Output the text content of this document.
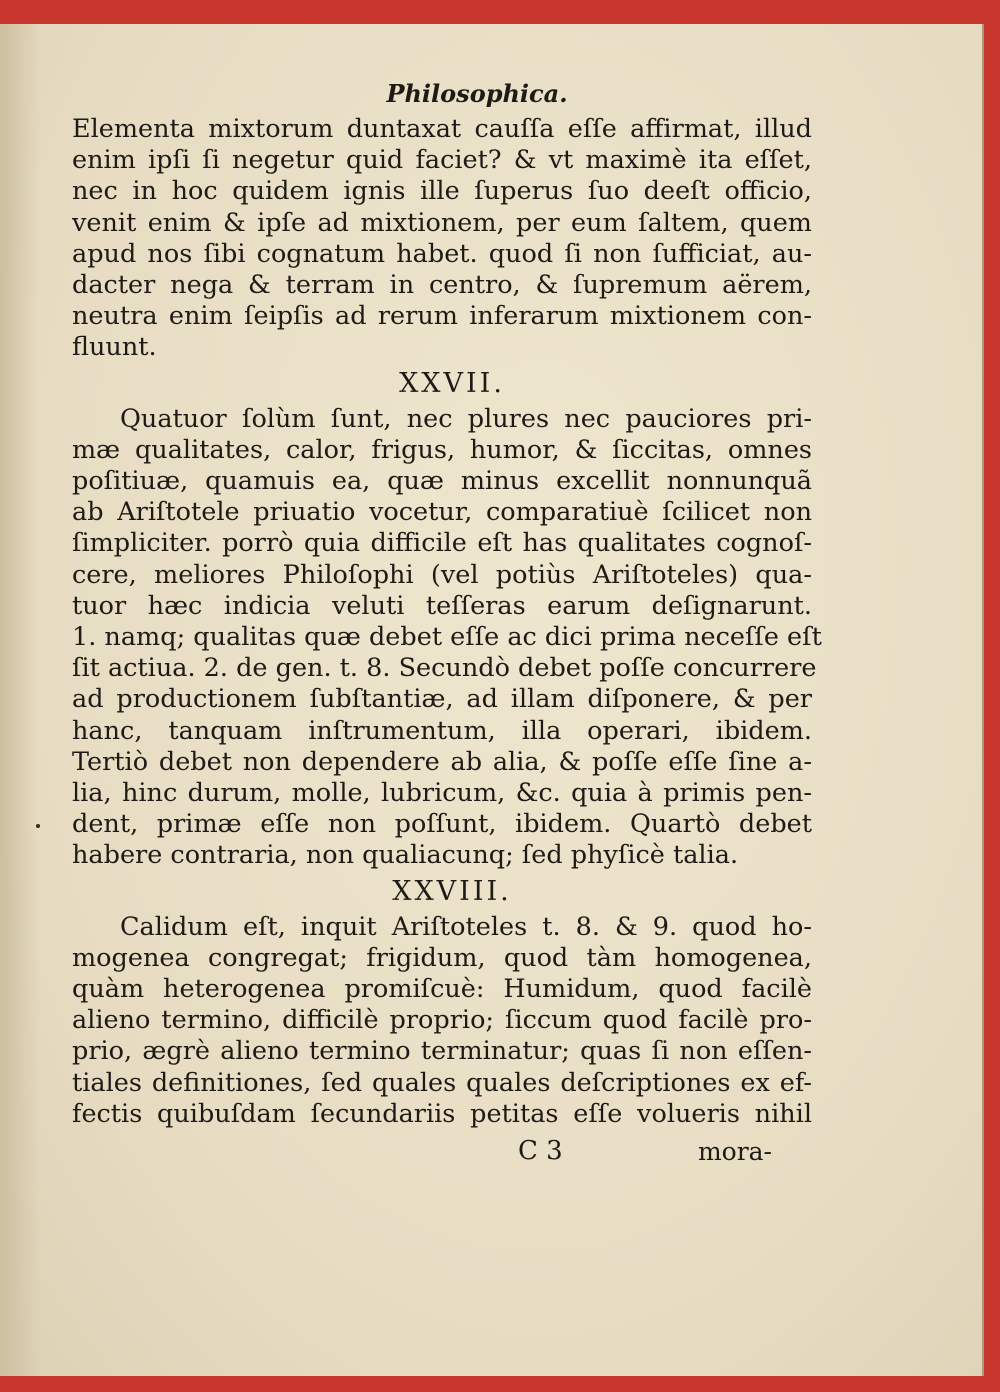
Philosophica.
Elementa mixtorum duntaxat cauſſa eſſe affirmat, illud
enim ipſi ſi negetur quid faciet? & vt maximè ita eſſet,
nec in hoc quidem ignis ille ſuperus ſuo deeſt officio,
venit enim & ipſe ad mixtionem, per eum ſaltem, quem
apud nos ſibi cognatum habet. quod ſi non ſufficiat, au-
dacter nega & terram in centro, & ſupremum aërem,
neutra enim ſeipſis ad rerum inferarum mixtionem con-
fluunt.
XXVII.
Quatuor ſolùm ſunt, nec plures nec pauciores pri-
mæ qualitates, calor, frigus, humor, & ſiccitas, omnes
poſitiuæ, quamuis ea, quæ minus excellit nonnunquã
ab Ariſtotele priuatio vocetur, comparatiuè ſcilicet non
ſimpliciter. porrò quia difficile eſt has qualitates cognoſ-
cere, meliores Philoſophi (vel potiùs Ariſtoteles) qua-
tuor hæc indicia veluti teſſeras earum deſignarunt.
1. namq; qualitas quæ debet eſſe ac dici prima neceſſe eſt
ſit actiua. 2. de gen. t. 8. Secundò debet poſſe concurrere
ad productionem ſubſtantiæ, ad illam diſponere, & per
hanc, tanquam inſtrumentum, illa operari, ibidem.
Tertiò debet non dependere ab alia, & poſſe eſſe ſine a-
lia, hinc durum, molle, lubricum, &c. quia à primis pen-
dent, primæ eſſe non poſſunt, ibidem. Quartò debet
habere contraria, non qualiacunq; ſed phyſicè talia.
XXVIII.
Calidum eſt, inquit Ariſtoteles t. 8. & 9. quod ho-
mogenea congregat; frigidum, quod tàm homogenea,
quàm heterogenea promiſcuè: Humidum, quod facilè
alieno termino, difficilè proprio; ſiccum quod facilè pro-
prio, ægrè alieno termino terminatur; quas ſi non eſſen-
tiales definitiones, ſed quales quales deſcriptiones ex ef-
fectis quibuſdam ſecundariis petitas eſſe volueris nihil
C 3	mora-
